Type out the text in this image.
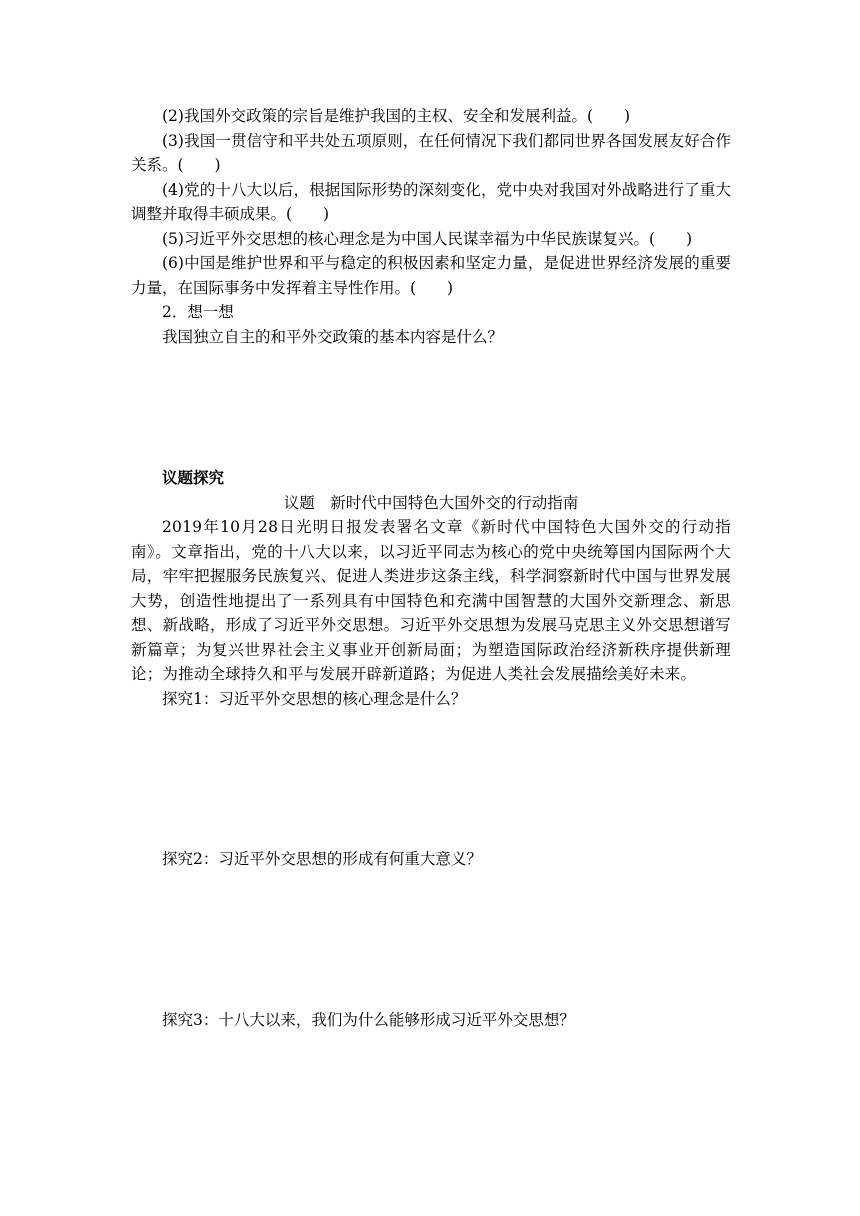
(2)我国外交政策的宗旨是维护我国的主权、安全和发展利益。(　　)

(3)我国一贯信守和平共处五项原则，在任何情况下我们都同世界各国发展友好合作关系。(　　)

(4)党的十八大以后，根据国际形势的深刻变化，党中央对我国对外战略进行了重大调整并取得丰硕成果。(　　)

(5)习近平外交思想的核心理念是为中国人民谋幸福为中华民族谋复兴。(　　)

(6)中国是维护世界和平与稳定的积极因素和坚定力量，是促进世界经济发展的重要力量，在国际事务中发挥着主导性作用。(　　)

2．想一想

我国独立自主的和平外交政策的基本内容是什么？

议题探究

议题　新时代中国特色大国外交的行动指南

2019年10月28日光明日报发表署名文章《新时代中国特色大国外交的行动指南》。文章指出，党的十八大以来，以习近平同志为核心的党中央统筹国内国际两个大局，牢牢把握服务民族复兴、促进人类进步这条主线，科学洞察新时代中国与世界发展大势，创造性地提出了一系列具有中国特色和充满中国智慧的大国外交新理念、新思想、新战略，形成了习近平外交思想。习近平外交思想为发展马克思主义外交思想谱写新篇章；为复兴世界社会主义事业开创新局面；为塑造国际政治经济新秩序提供新理论；为推动全球持久和平与发展开辟新道路；为促进人类社会发展描绘美好未来。

探究1：习近平外交思想的核心理念是什么？

探究2：习近平外交思想的形成有何重大意义？

探究3：十八大以来，我们为什么能够形成习近平外交思想？
